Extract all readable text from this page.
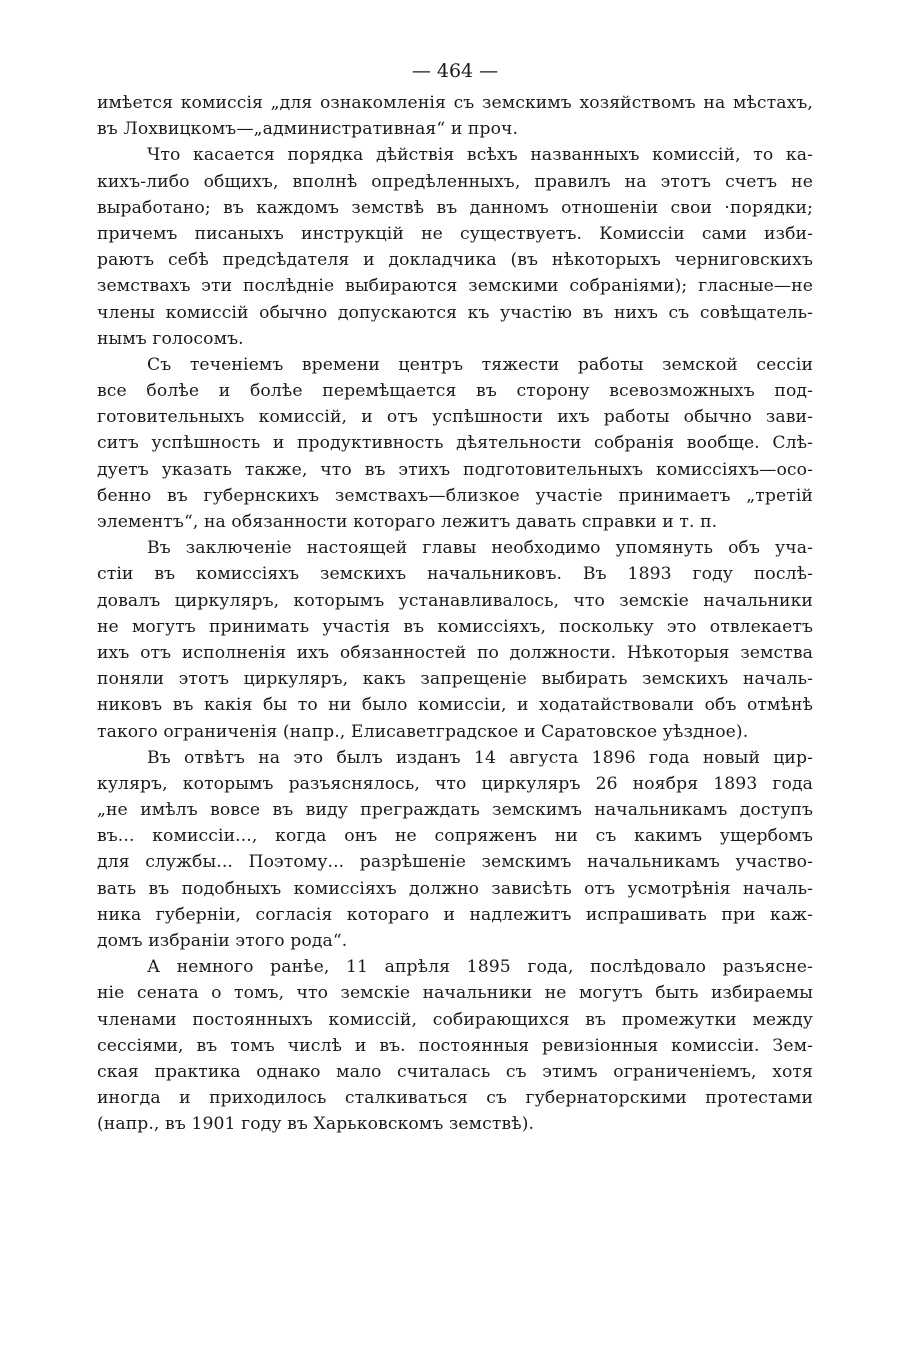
— 464 —
имѣется комиссія „для ознакомленія съ земскимъ хозяйствомъ на мѣстахъ,
въ Лохвицкомъ—„административная“ и проч.
Что касается порядка дѣйствія всѣхъ названныхъ комиссій, то ка-
кихъ-либо общихъ, вполнѣ опредѣленныхъ, правилъ на этотъ счетъ не
выработано; въ каждомъ земствѣ въ данномъ отношеніи свои ·порядки;
причемъ писаныхъ инструкцій не существуетъ. Комиссіи сами изби-
раютъ себѣ предсѣдателя и докладчика (въ нѣкоторыхъ черниговскихъ
земствахъ эти послѣдніе выбираются земскими собраніями); гласные—не
члены комиссій обычно допускаются къ участію въ нихъ съ совѣщатель-
нымъ голосомъ.
Съ теченіемъ времени центръ тяжести работы земской сессіи
все болѣе и болѣе перемѣщается въ сторону всевозможныхъ под-
готовительныхъ комиссій, и отъ успѣшности ихъ работы обычно зави-
ситъ успѣшность и продуктивность дѣятельности собранія вообще. Слѣ-
дуетъ указать также, что въ этихъ подготовительныхъ комиссіяхъ—осо-
бенно въ губернскихъ земствахъ—близкое участіе принимаетъ „третій
элементъ“, на обязанности котораго лежитъ давать справки и т. п.
Въ заключеніе настоящей главы необходимо упомянуть объ уча-
стіи въ комиссіяхъ земскихъ начальниковъ. Въ 1893 году послѣ-
довалъ циркуляръ, которымъ устанавливалось, что земскіе начальники
не могутъ принимать участія въ комиссіяхъ, поскольку это отвлекаетъ
ихъ отъ исполненія ихъ обязанностей по должности. Нѣкоторыя земства
поняли этотъ циркуляръ, какъ запрещеніе выбирать земскихъ началь-
никовъ въ какія бы то ни было комиссіи, и ходатайствовали объ отмѣнѣ
такого ограниченія (напр., Елисаветградское и Саратовское уѣздное).
Въ отвѣтъ на это былъ изданъ 14 августа 1896 года новый цир-
куляръ, которымъ разъяснялось, что циркуляръ 26 ноября 1893 года
„не имѣлъ вовсе въ виду преграждать земскимъ начальникамъ доступъ
въ... комиссіи..., когда онъ не сопряженъ ни съ какимъ ущербомъ
для службы... Поэтому... разрѣшеніе земскимъ начальникамъ участво-
вать въ подобныхъ комиссіяхъ должно зависѣть отъ усмотрѣнія началь-
ника губерніи, согласія котораго и надлежитъ испрашивать при каж-
домъ избраніи этого рода“.
А немного ранѣе, 11 апрѣля 1895 года, послѣдовало разъясне-
ніе сената о томъ, что земскіе начальники не могутъ быть избираемы
членами постоянныхъ комиссій, собирающихся въ промежутки между
сессіями, въ томъ числѣ и въ. постоянныя ревизіонныя комиссіи. Зем-
ская практика однако мало считалась съ этимъ ограниченіемъ, хотя
иногда и приходилось сталкиваться съ губернаторскими протестами
(напр., въ 1901 году въ Харьковскомъ земствѣ).
